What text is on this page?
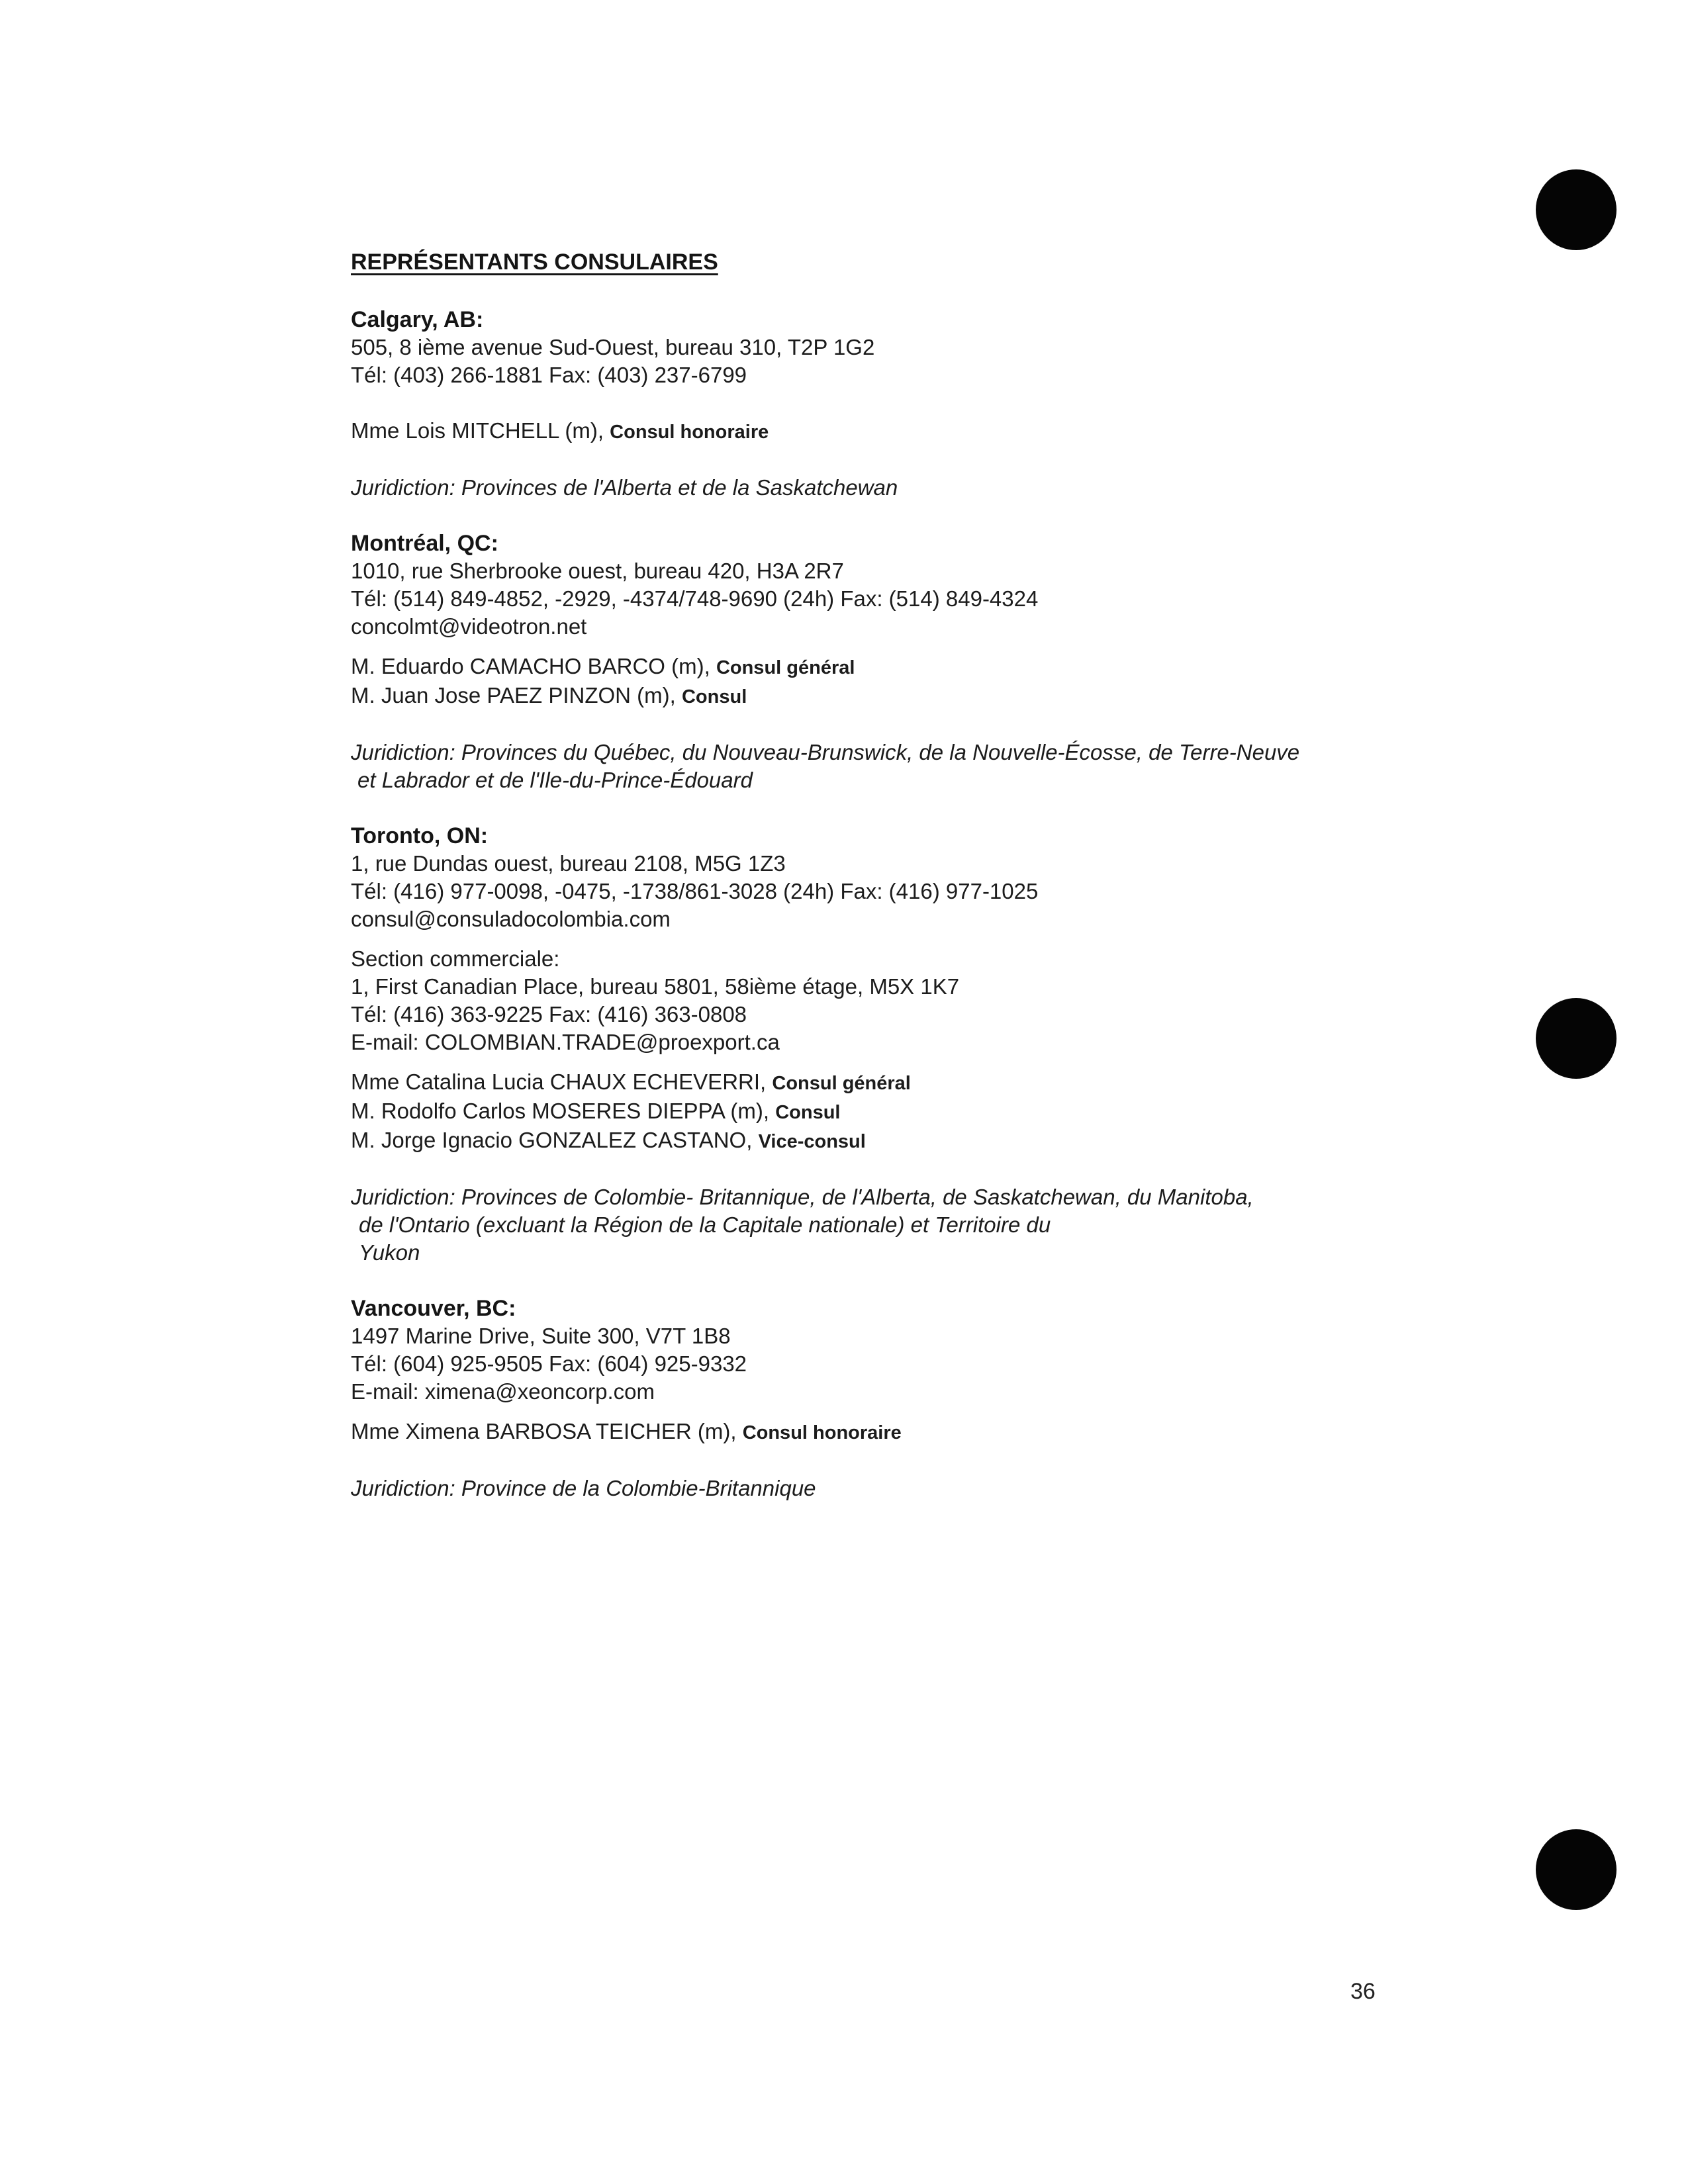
REPRÉSENTANTS CONSULAIRES
Calgary, AB:
505, 8 ième avenue Sud-Ouest, bureau 310, T2P 1G2
Tél: (403) 266-1881 Fax: (403) 237-6799
Mme Lois MITCHELL (m), Consul honoraire
Juridiction: Provinces de l'Alberta et de la Saskatchewan
Montréal, QC:
1010, rue Sherbrooke ouest, bureau 420, H3A 2R7
Tél: (514) 849-4852, -2929, -4374/748-9690 (24h) Fax: (514) 849-4324
concolmt@videotron.net
M. Eduardo CAMACHO BARCO (m), Consul général
M. Juan Jose PAEZ PINZON (m), Consul
Juridiction: Provinces du Québec, du Nouveau-Brunswick, de la Nouvelle-Écosse, de Terre-Neuve
et Labrador et de l'Ile-du-Prince-Édouard
Toronto, ON:
1, rue Dundas ouest, bureau 2108, M5G 1Z3
Tél: (416) 977-0098, -0475, -1738/861-3028 (24h) Fax: (416) 977-1025
consul@consuladocolombia.com
Section commerciale:
1, First Canadian Place, bureau 5801, 58ième étage, M5X 1K7
Tél: (416) 363-9225 Fax: (416) 363-0808
E-mail: COLOMBIAN.TRADE@proexport.ca
Mme Catalina Lucia CHAUX ECHEVERRI, Consul général
M. Rodolfo Carlos MOSERES DIEPPA (m), Consul
M. Jorge Ignacio GONZALEZ CASTANO, Vice-consul
Juridiction: Provinces de Colombie- Britannique, de l'Alberta, de Saskatchewan, du Manitoba,
de l'Ontario (excluant la Région de la Capitale nationale) et Territoire du
Yukon
Vancouver, BC:
1497 Marine Drive, Suite 300, V7T 1B8
Tél: (604) 925-9505 Fax: (604) 925-9332
E-mail: ximena@xeoncorp.com
Mme Ximena BARBOSA TEICHER (m), Consul honoraire
Juridiction: Province de la Colombie-Britannique
36
